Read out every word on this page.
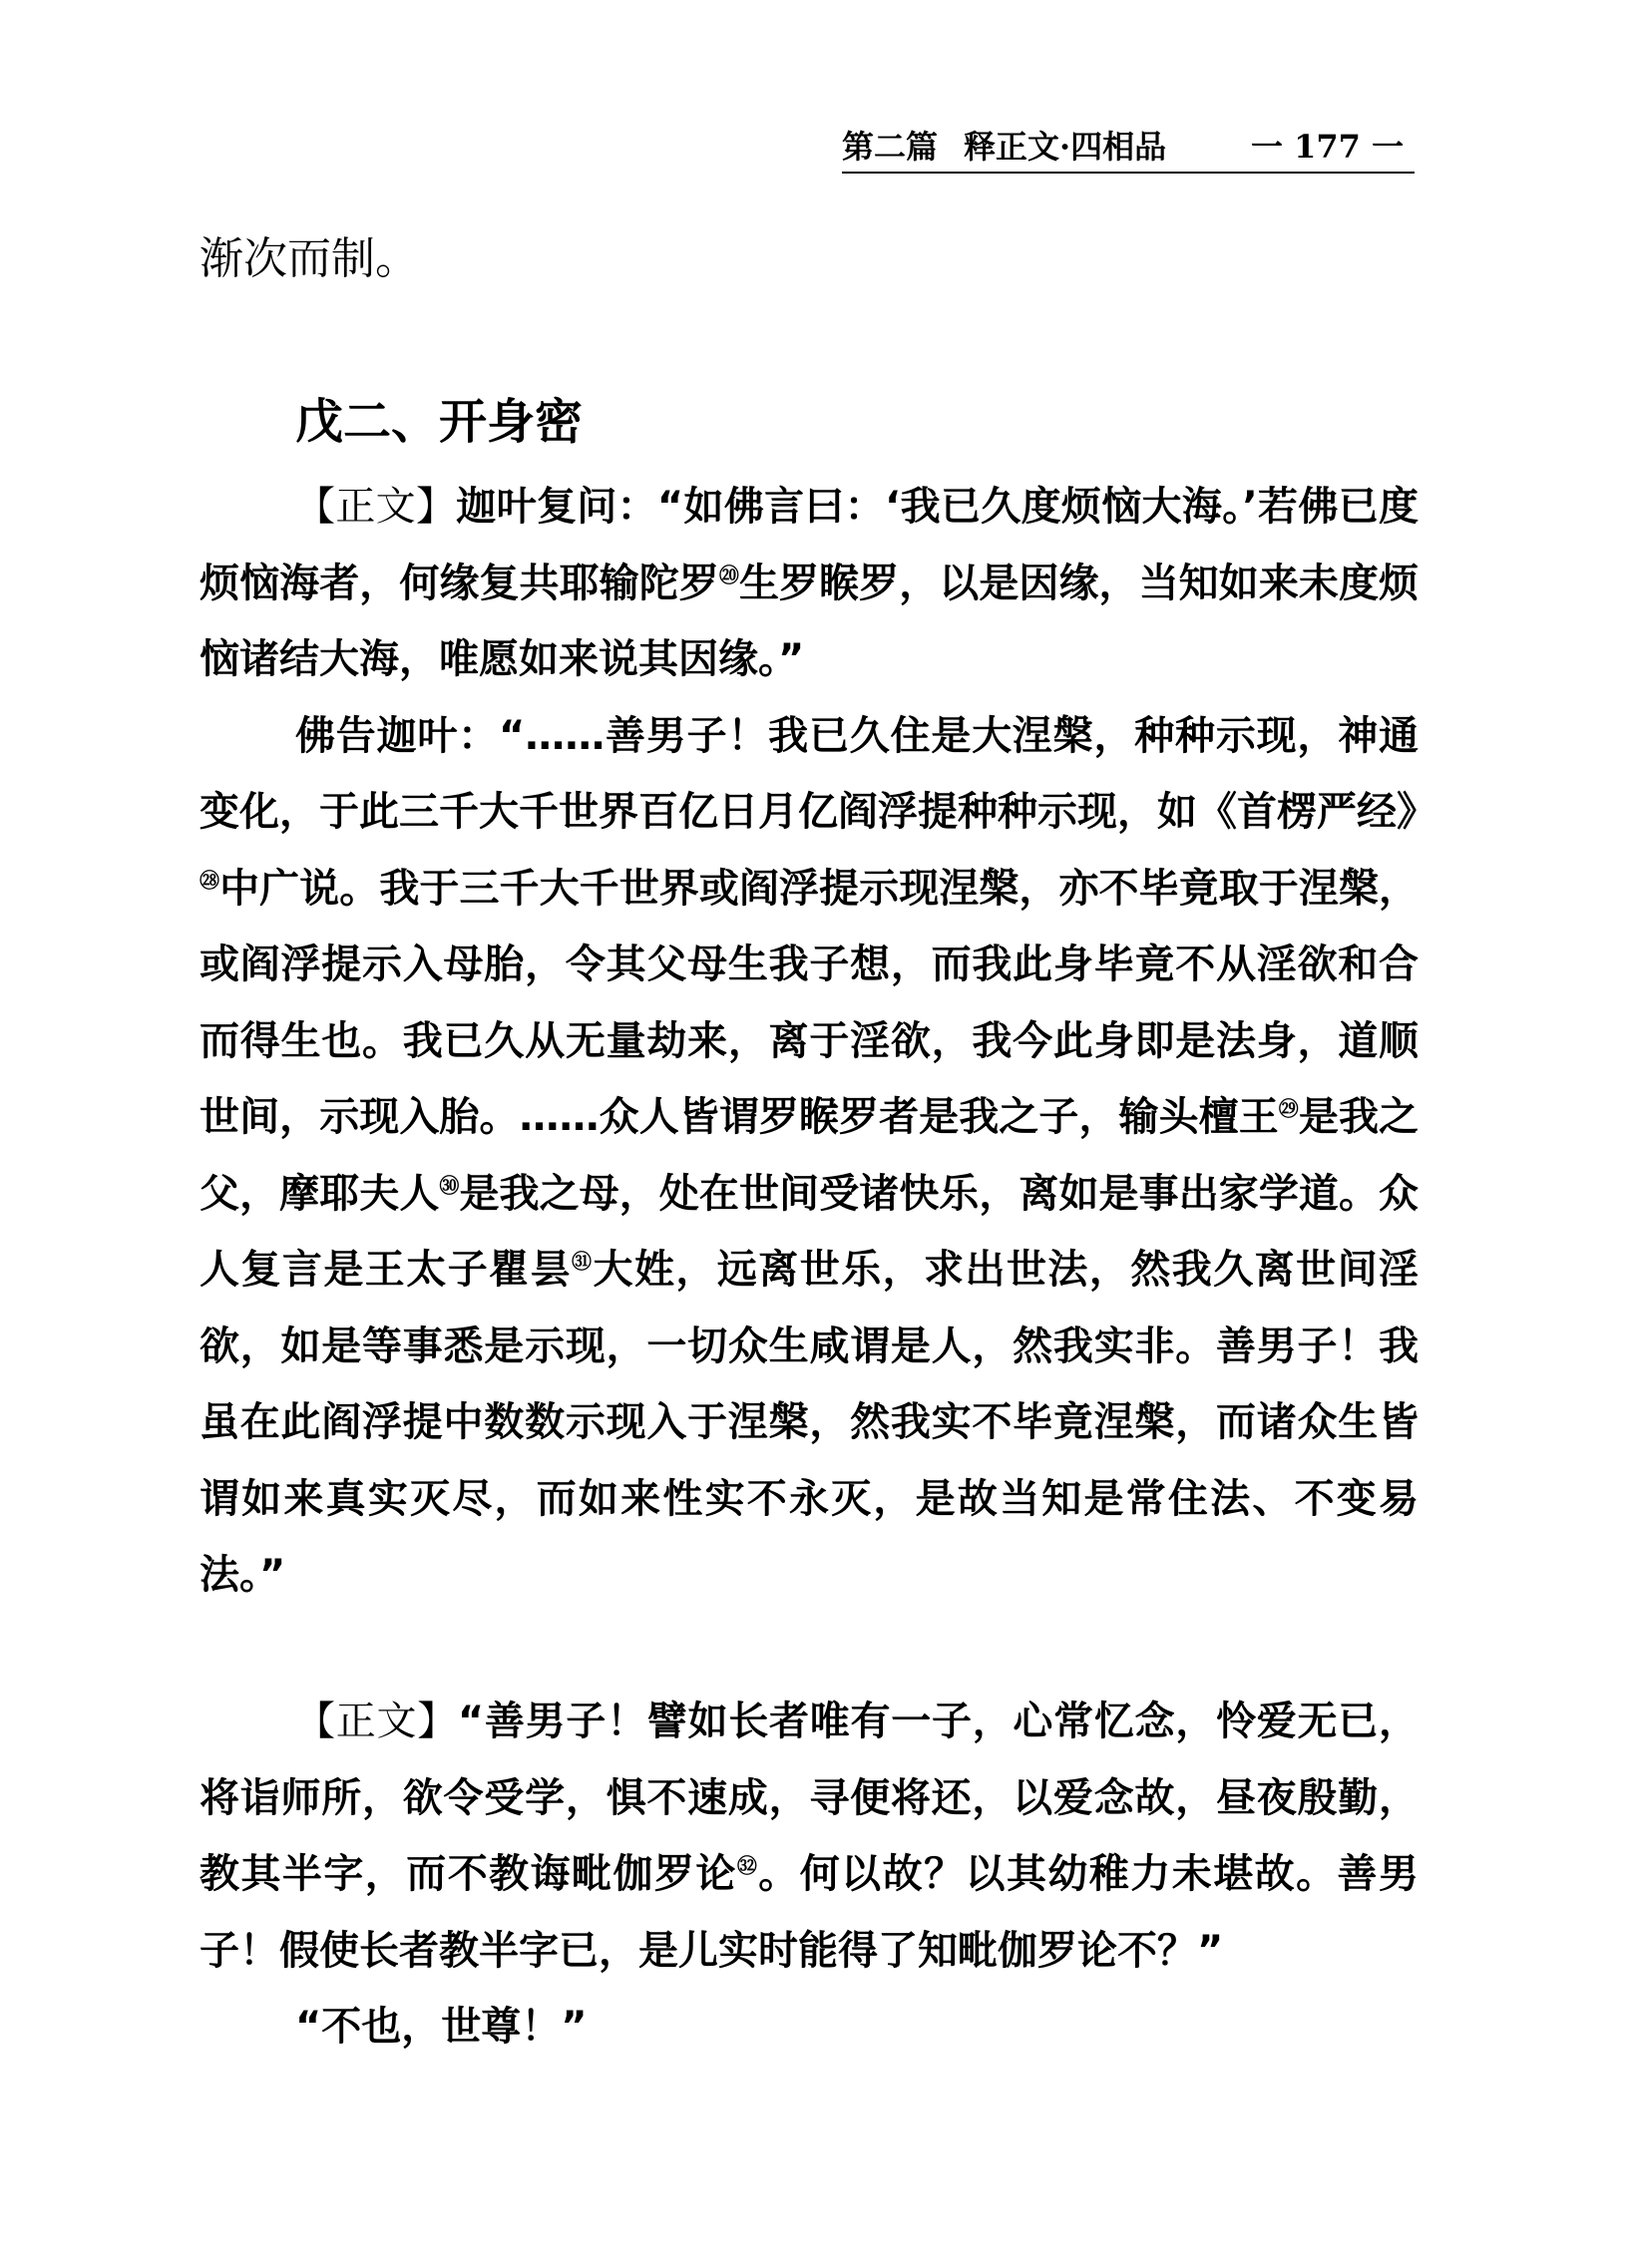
第二篇 释正文·四相品	一 177 一
渐次而制。
戊二、开身密

【正文】迦叶复问：“如佛言曰：‘我已久度烦恼大海。’若佛已度烦恼海者，何缘复共耶输陀罗⑳生罗睺罗，以是因缘，当知如来未度烦恼诸结大海，唯愿如来说其因缘。”

佛告迦叶：“……善男子！我已久住是大涅槃，种种示现，神通变化，于此三千大千世界百亿日月亿阎浮提种种示现，如《首楞严经》$^㉘$中广说。我于三千大千世界或阎浮提示现涅槃，亦不毕竟取于涅槃，或阎浮提示入母胎，令其父母生我子想，而我此身毕竟不从淫欲和合而得生也。我已久从无量劫来，离于淫欲，我今此身即是法身，道顺世间，示现入胎。……众人皆谓罗睺罗者是我之子，输头檀王$^㉙$是我之父，摩耶夫人$^㉚$是我之母，处在世间受诸快乐，离如是事出家学道。众人复言是王太子瞿昙$^㉛$大姓，远离世乐，求出世法，然我久离世间淫欲，如是等事悉是示现，一切众生咸谓是人，然我实非。善男子！我虽在此阎浮提中数数示现入于涅槃，然我实不毕竟涅槃，而诸众生皆谓如来真实灭尽，而如来性实不永灭，是故当知是常住法、不变易法。”

【正文】“善男子！譬如长者唯有一子，心常忆念，怜爱无已，将诣师所，欲令受学，惧不速成，寻便将还，以爱念故，昼夜殷勤，教其半字，而不教诲毗伽罗论$^㉜$。何以故？以其幼稚力未堪故。善男子！假使长者教半字已，是儿实时能得了知毗伽罗论不？”

“不也，世尊！”
